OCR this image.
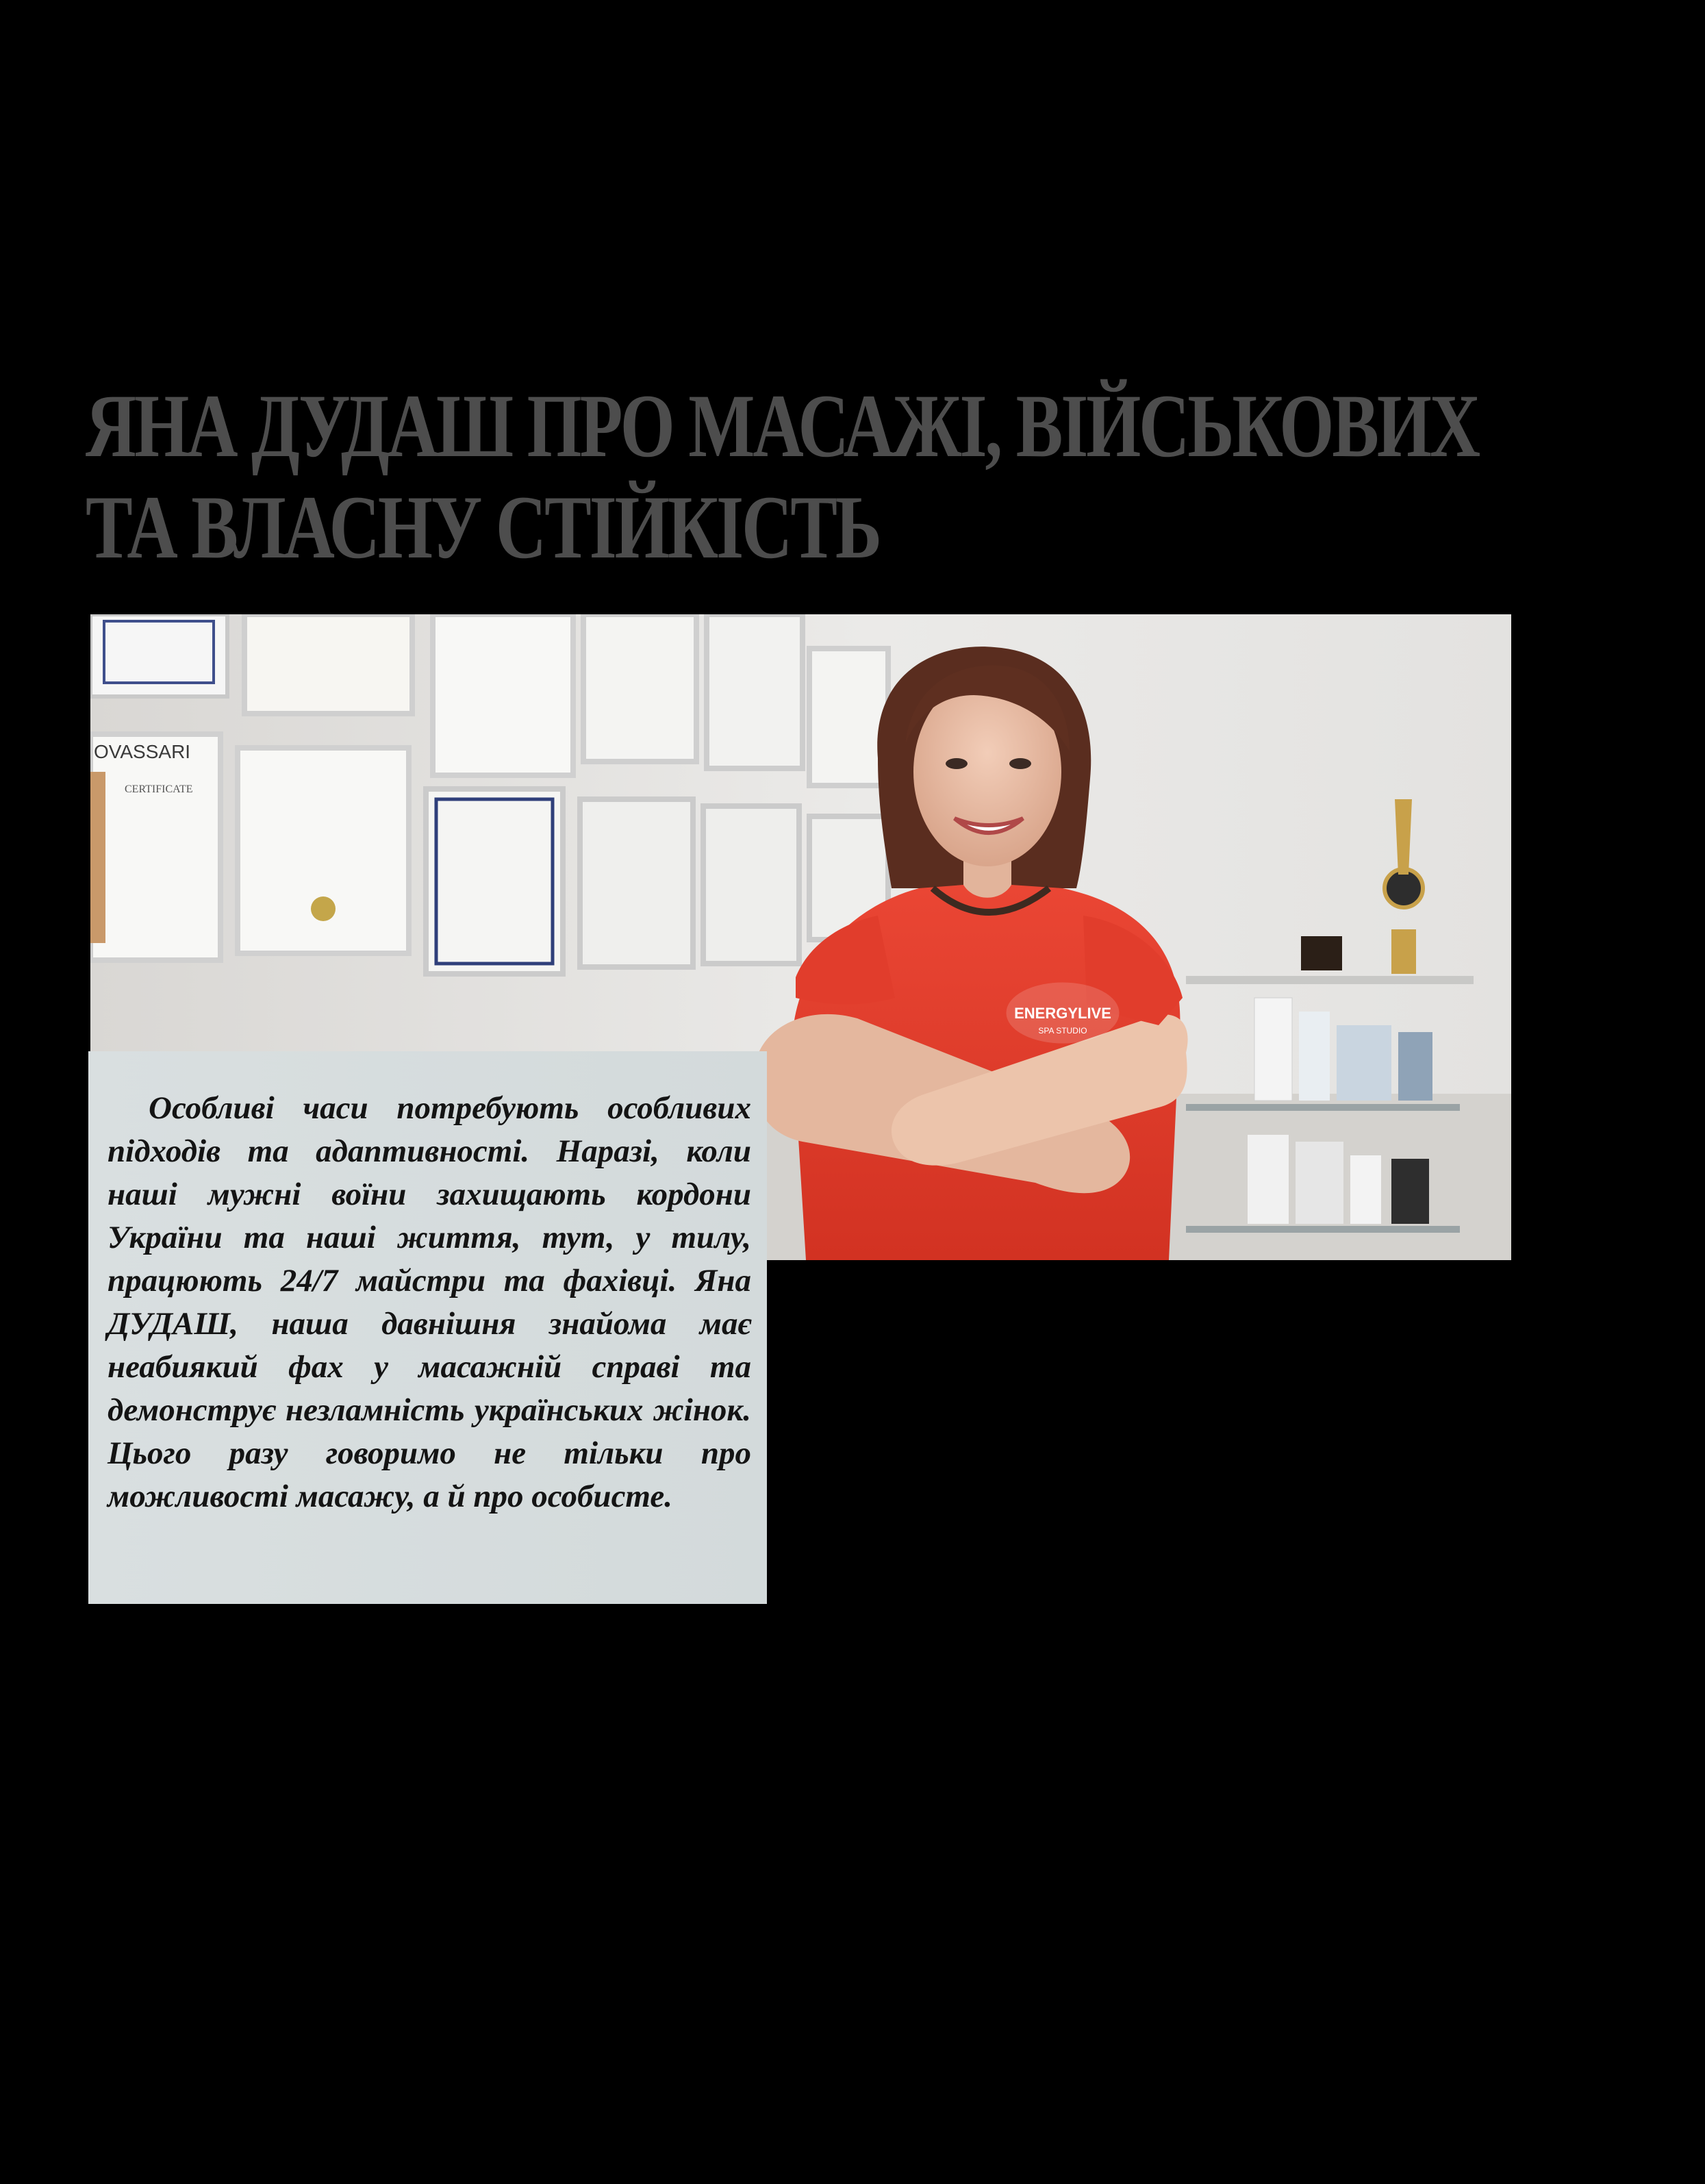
ЯНА ДУДАШ ПРО МАСАЖІ, ВІЙСЬКОВИХ
ТА ВЛАСНУ СТІЙКІСТЬ
OVASSARI
CERTIFICATE
ENERGYLIVE
SPA STUDIO

Особливі часи потребують особливих підходів та адаптивності. Наразі, коли наші мужні воїни захищають кордони України та наші життя, тут, у тилу, працюють 24/7 майстри та фахівці. Яна ДУДАШ, наша давнішня знайома має неабиякий фах у масажній справі та демонструє незламність українських жінок. Цього разу говоримо не тільки про можливості масажу, а й про особисте.
